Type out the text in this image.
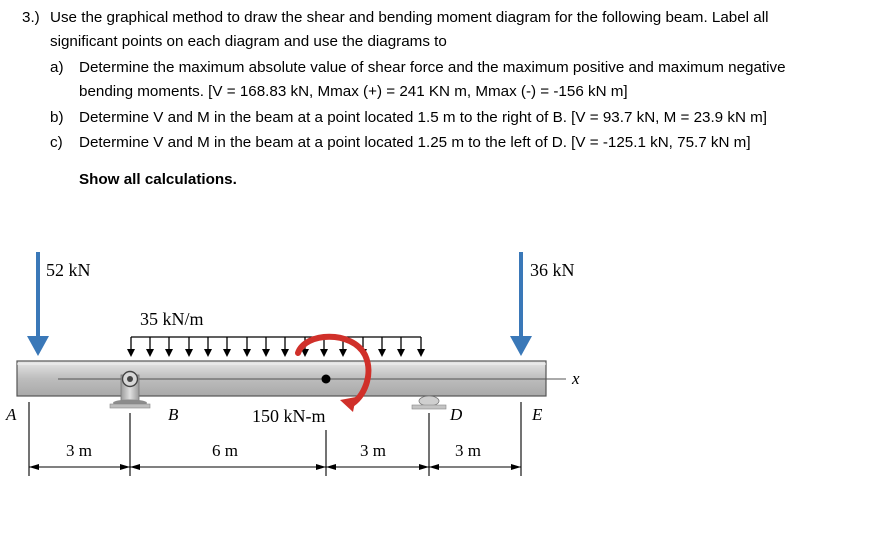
3.) Use the graphical method to draw the shear and bending moment diagram for the following beam. Label all
significant points on each diagram and use the diagrams to
a) Determine the maximum absolute value of shear force and the maximum positive and maximum negative
bending moments. [V = 168.83 kN, Mmax (+) = 241 KN m, Mmax (-) = -156 kN m]
b) Determine V and M in the beam at a point located 1.5 m to the right of B. [V = 93.7 kN, M = 23.9 kN m]
c) Determine V and M in the beam at a point located 1.25 m to the left of D. [V = -125.1 kN, 75.7 kN m]
Show all calculations.
52 kN	36 kN
35 kN/m
x
150 kN-m
A	B	D	E
3 m	6 m	3 m	3 m
